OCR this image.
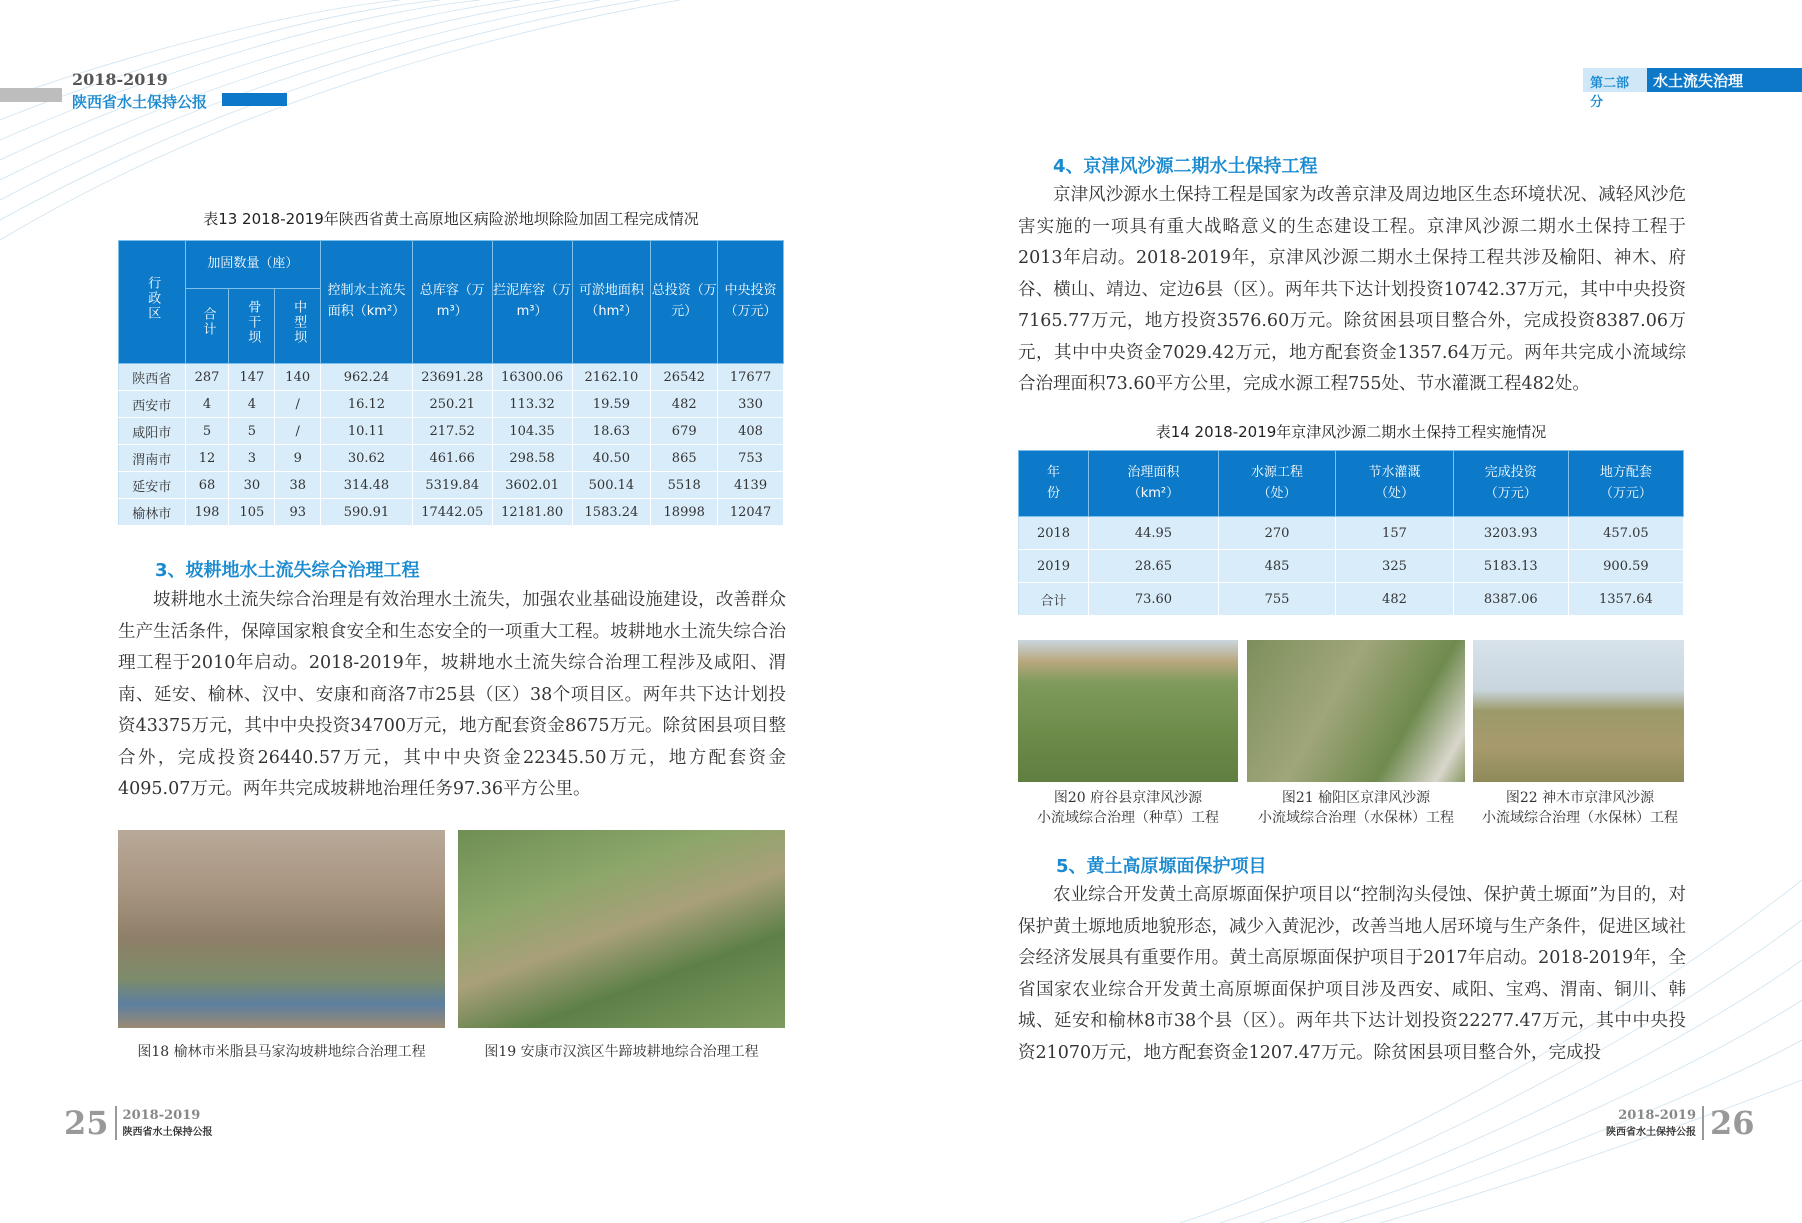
2018-2019
陕西省水土保持公报
第二部分
水土流失治理
表13 2018-2019年陕西省黄土高原地区病险淤地坝除险加固工程完成情况
行政区	加固数量（座）			控制水土流失面积（km²）	总库容（万m³）	拦泥库容（万m³）	可淤地面积（hm²）	总投资（万元）	中央投资（万元）
	合计	骨干坝	中型坝						
陕西省	287	147	140	962.24	23691.28	16300.06	2162.10	26542	17677
西安市	4	4	/	16.12	250.21	113.32	19.59	482	330
咸阳市	5	5	/	10.11	217.52	104.35	18.63	679	408
渭南市	12	3	9	30.62	461.66	298.58	40.50	865	753
延安市	68	30	38	314.48	5319.84	3602.01	500.14	5518	4139
榆林市	198	105	93	590.91	17442.05	12181.80	1583.24	18998	12047
3、坡耕地水土流失综合治理工程

坡耕地水土流失综合治理是有效治理水土流失，加强农业基础设施建设，改善群众生产生活条件，保障国家粮食安全和生态安全的一项重大工程。坡耕地水土流失综合治理工程于2010年启动。2018-2019年，坡耕地水土流失综合治理工程涉及咸阳、渭南、延安、榆林、汉中、安康和商洛7市25县（区）38个项目区。两年共下达计划投资43375万元，其中中央投资34700万元，地方配套资金8675万元。除贫困县项目整合外，完成投资26440.57万元，其中中央资金22345.50万元，地方配套资金4095.07万元。两年共完成坡耕地治理任务97.36平方公里。

图18 榆林市米脂县马家沟坡耕地综合治理工程	图19 安康市汉滨区牛蹄坡耕地综合治理工程
4、京津风沙源二期水土保持工程

京津风沙源水土保持工程是国家为改善京津及周边地区生态环境状况、减轻风沙危害实施的一项具有重大战略意义的生态建设工程。京津风沙源二期水土保持工程于2013年启动。2018-2019年，京津风沙源二期水土保持工程共涉及榆阳、神木、府谷、横山、靖边、定边6县（区）。两年共下达计划投资10742.37万元，其中中央投资7165.77万元，地方投资3576.60万元。除贫困县项目整合外，完成投资8387.06万元，其中中央资金7029.42万元，地方配套资金1357.64万元。两年共完成小流域综合治理面积73.60平方公里，完成水源工程755处、节水灌溉工程482处。

表14 2018-2019年京津风沙源二期水土保持工程实施情况
年份	治理面积（km²）	水源工程（处）	节水灌溉（处）	完成投资（万元）	地方配套（万元）
2018	44.95	270	157	3203.93	457.05
2019	28.65	485	325	5183.13	900.59
合计	73.60	755	482	8387.06	1357.64
图20 府谷县京津风沙源
小流域综合治理（种草）工程
图21 榆阳区京津风沙源
小流域综合治理（水保林）工程
图22 神木市京津风沙源
小流域综合治理（水保林）工程
5、黄土高原塬面保护项目

农业综合开发黄土高原塬面保护项目以“控制沟头侵蚀、保护黄土塬面”为目的，对保护黄土塬地质地貌形态，减少入黄泥沙，改善当地人居环境与生产条件，促进区域社会经济发展具有重要作用。黄土高原塬面保护项目于2017年启动。2018-2019年，全省国家农业综合开发黄土高原塬面保护项目涉及西安、咸阳、宝鸡、渭南、铜川、韩城、延安和榆林8市38个县（区）。两年共下达计划投资22277.47万元，其中中央投资21070万元，地方配套资金1207.47万元。除贫困县项目整合外，完成投

25 2018-2019
陕西省水土保持公报
2018-2019
陕西省水土保持公报 26
